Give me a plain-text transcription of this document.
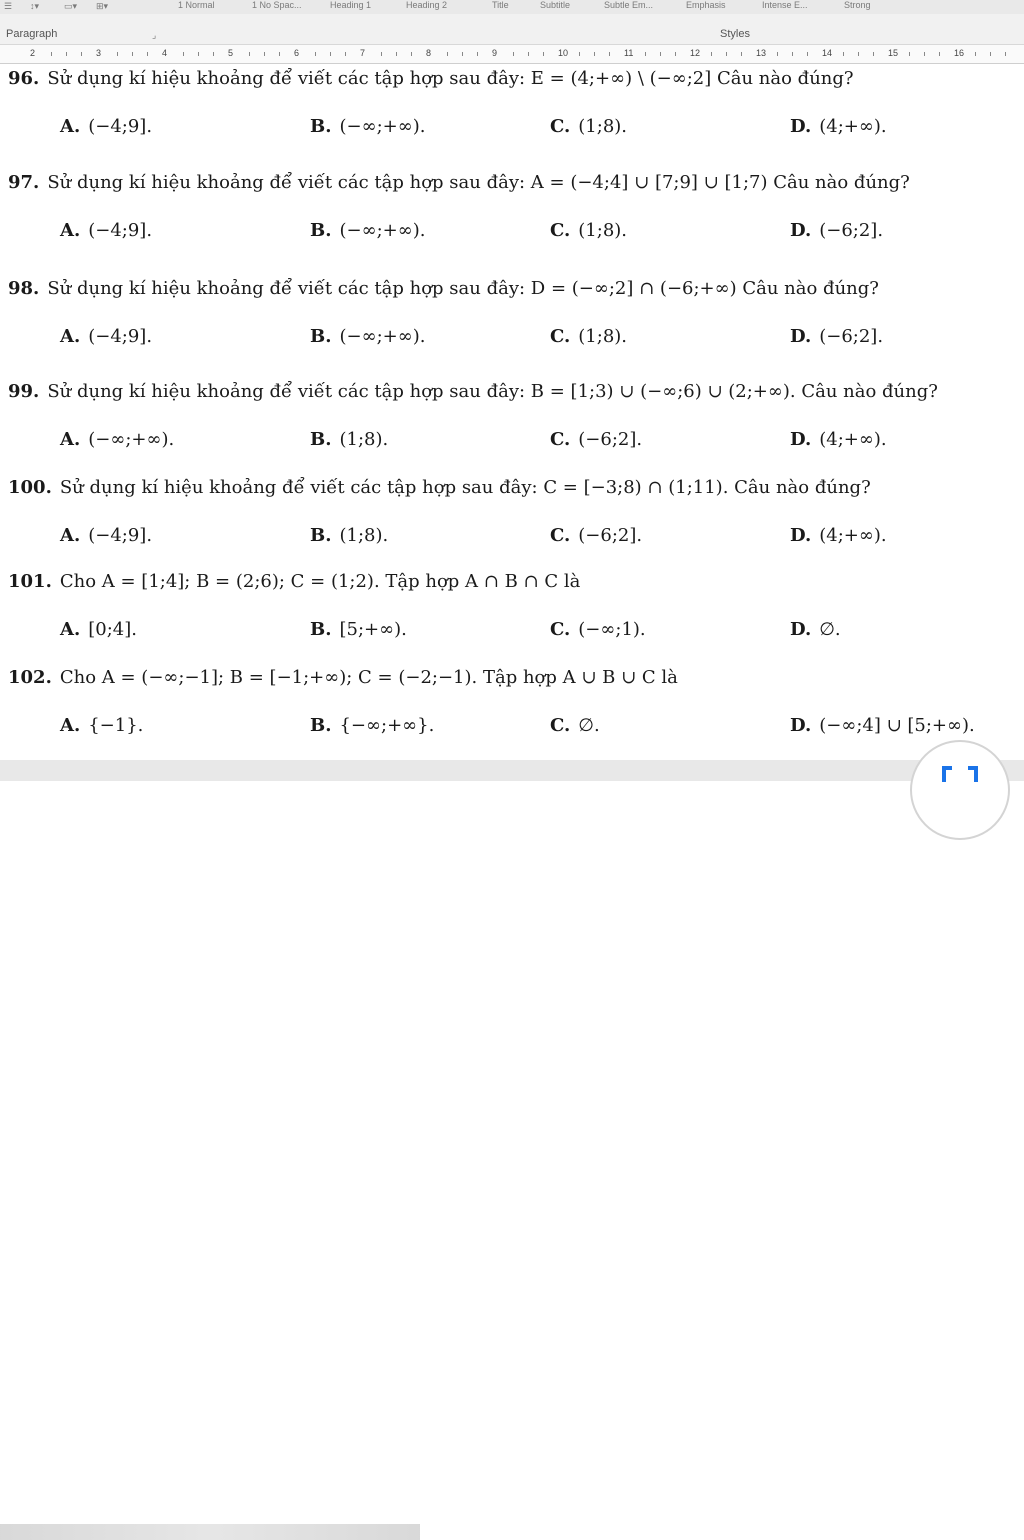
☰ ↕▾	▭▾ ⊞▾	1 Normal	1 No Spac...	Heading 1	Heading 2	Title	Subtitle	Subtle Em...	Emphasis	Intense E...	Strong
Paragraph	⌟	Styles
2	3	4	5	6	7	8	9	10	11	12	13	14	15	16
96. Sử dụng kí hiệu khoảng để viết các tập hợp sau đây: E = (4;+∞) \ (−∞;2] Câu nào đúng?
A. (−4;9].	B. (−∞;+∞).	C. (1;8).	D. (4;+∞).
97. Sử dụng kí hiệu khoảng để viết các tập hợp sau đây: A = (−4;4] ∪ [7;9] ∪ [1;7) Câu nào đúng?
A. (−4;9].	B. (−∞;+∞).	C. (1;8).	D. (−6;2].
98. Sử dụng kí hiệu khoảng để viết các tập hợp sau đây: D = (−∞;2] ∩ (−6;+∞) Câu nào đúng?
A. (−4;9].	B. (−∞;+∞).	C. (1;8).	D. (−6;2].
99. Sử dụng kí hiệu khoảng để viết các tập hợp sau đây: B = [1;3) ∪ (−∞;6) ∪ (2;+∞). Câu nào đúng?
A. (−∞;+∞).	B. (1;8).	C. (−6;2].	D. (4;+∞).
100. Sử dụng kí hiệu khoảng để viết các tập hợp sau đây: C = [−3;8) ∩ (1;11). Câu nào đúng?
A. (−4;9].	B. (1;8).	C. (−6;2].	D. (4;+∞).
101. Cho A = [1;4]; B = (2;6); C = (1;2). Tập hợp A ∩ B ∩ C là
A. [0;4].	B. [5;+∞).	C. (−∞;1).	D. ∅.
102. Cho A = (−∞;−1]; B = [−1;+∞); C = (−2;−1). Tập hợp A ∪ B ∪ C là
A. {−1}.	B. {−∞;+∞}.	C. ∅.	D. (−∞;4] ∪ [5;+∞).
